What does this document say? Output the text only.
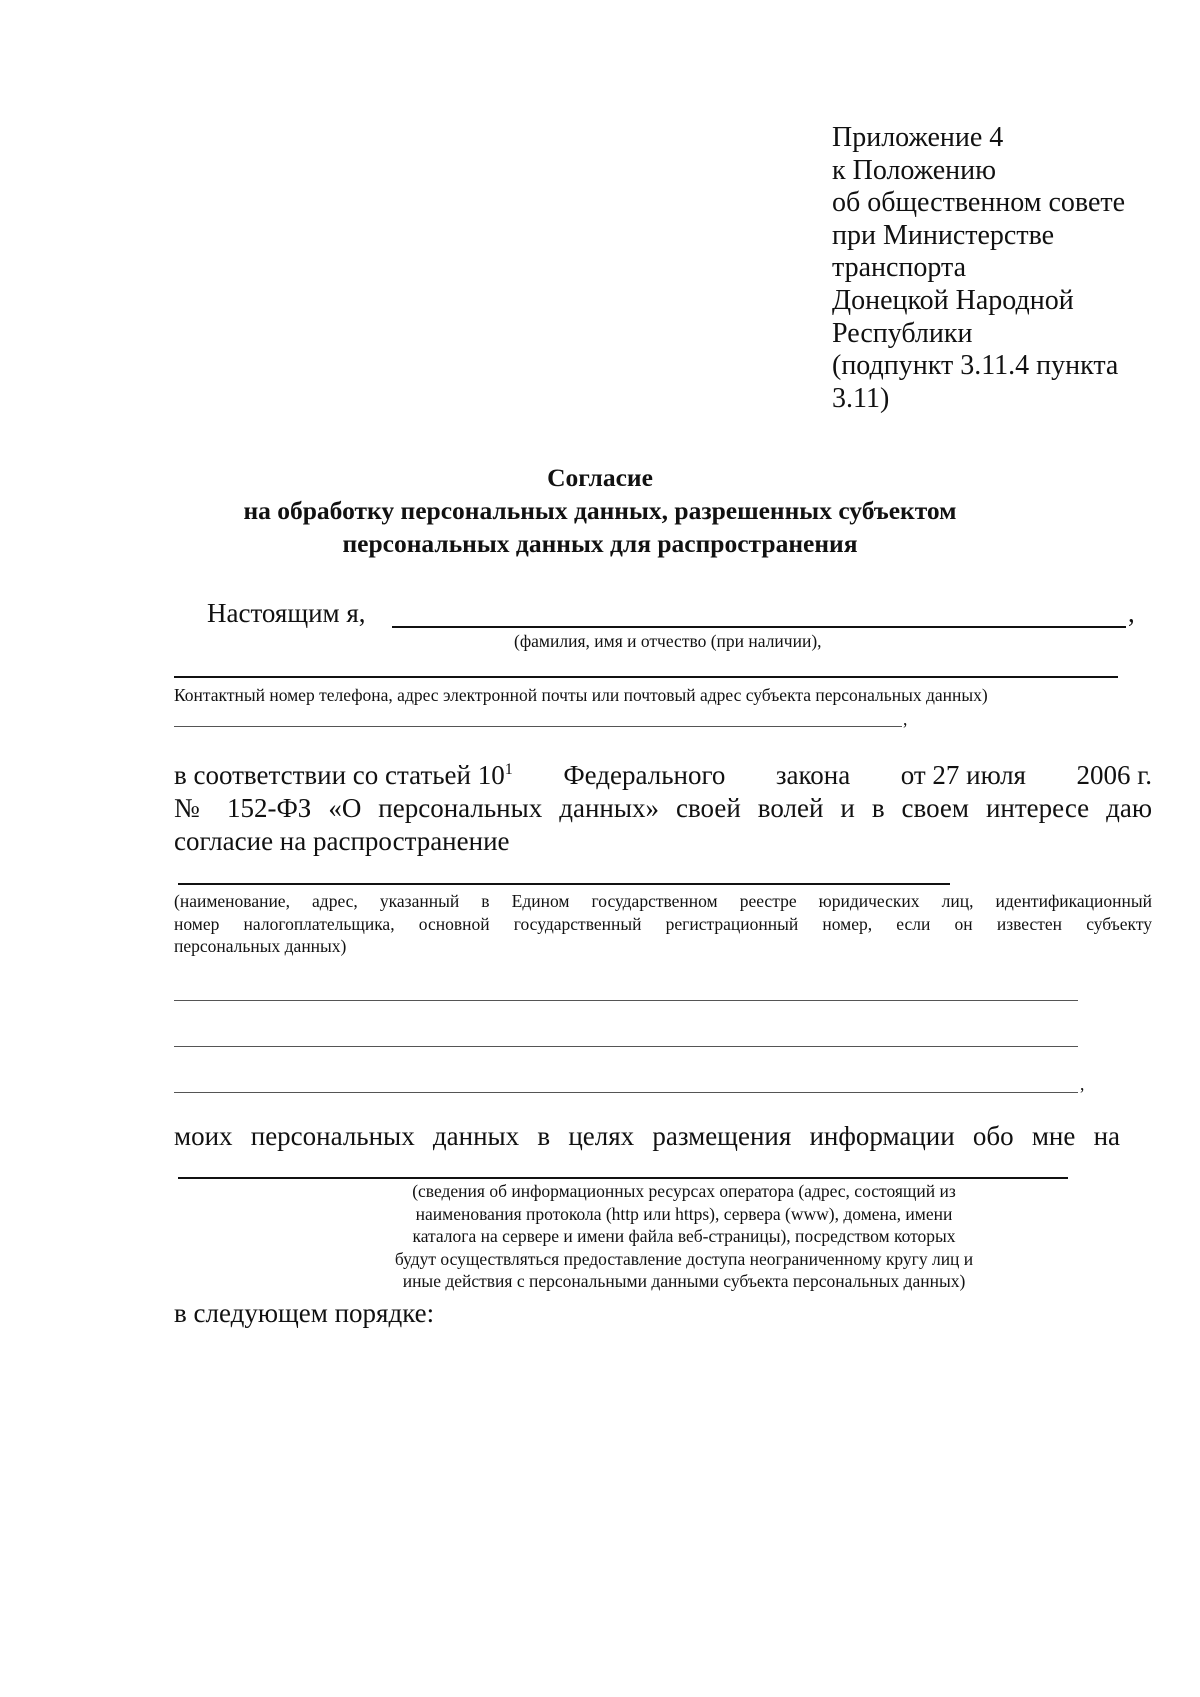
Приложение 4
к Положению
об общественном совете
при Министерстве
транспорта
Донецкой Народной
Республики
(подпункт 3.11.4 пункта
3.11)
Согласие
на обработку персональных данных, разрешенных субъектом
персональных данных для распространения
Настоящим я,	,
(фамилия, имя и отчество (при наличии),
Контактный номер телефона, адрес электронной почты или почтовый адрес субъекта персональных данных)
,
в соответствии со статьей $10^1$ Федерального закона от 27 июля 2006 г.
№ 152-ФЗ «О персональных данных» своей волей и в своем интересе даю
согласие на распространение
(наименование, адрес, указанный в Едином государственном реестре юридических лиц, идентификационный
номер налогоплательщика, основной государственный регистрационный номер, если он известен субъекту
персональных данных)
,
моих персональных данных в целях размещения информации обо мне на
(сведения об информационных ресурсах оператора (адрес, состоящий из
наименования протокола (http или https), сервера (www), домена, имени
каталога на сервере и имени файла веб-страницы), посредством которых
будут осуществляться предоставление доступа неограниченному кругу лиц и
иные действия с персональными данными субъекта персональных данных)
в следующем порядке:
